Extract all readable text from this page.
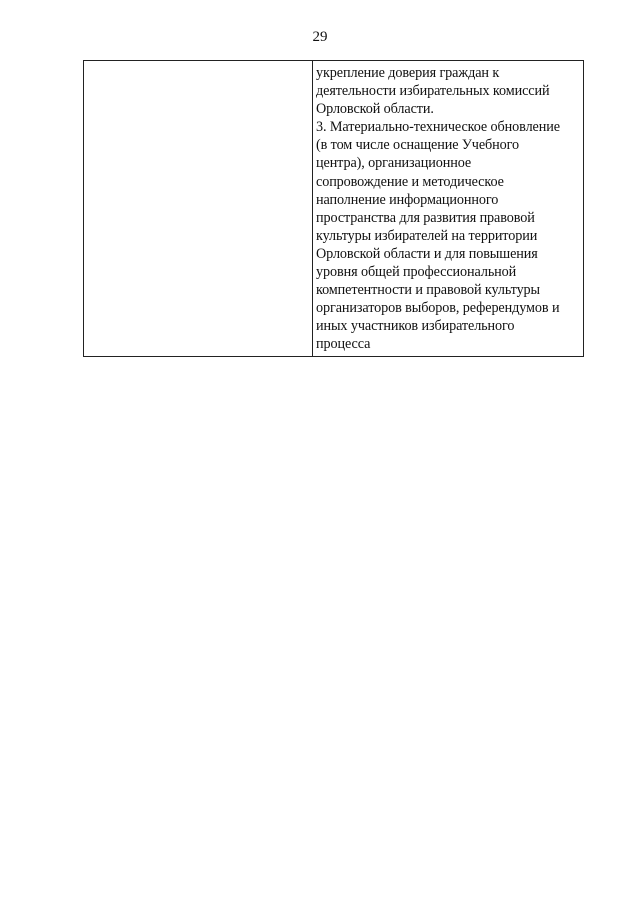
29

укрепление доверия граждан к
деятельности избирательных комиссий
Орловской области.
3. Материально-техническое обновление
(в том числе оснащение Учебного
центра), организационное
сопровождение и методическое
наполнение информационного
пространства для развития правовой
культуры избирателей на территории
Орловской области и для повышения
уровня общей профессиональной
компетентности и правовой культуры
организаторов выборов, референдумов и
иных участников избирательного
процесса
